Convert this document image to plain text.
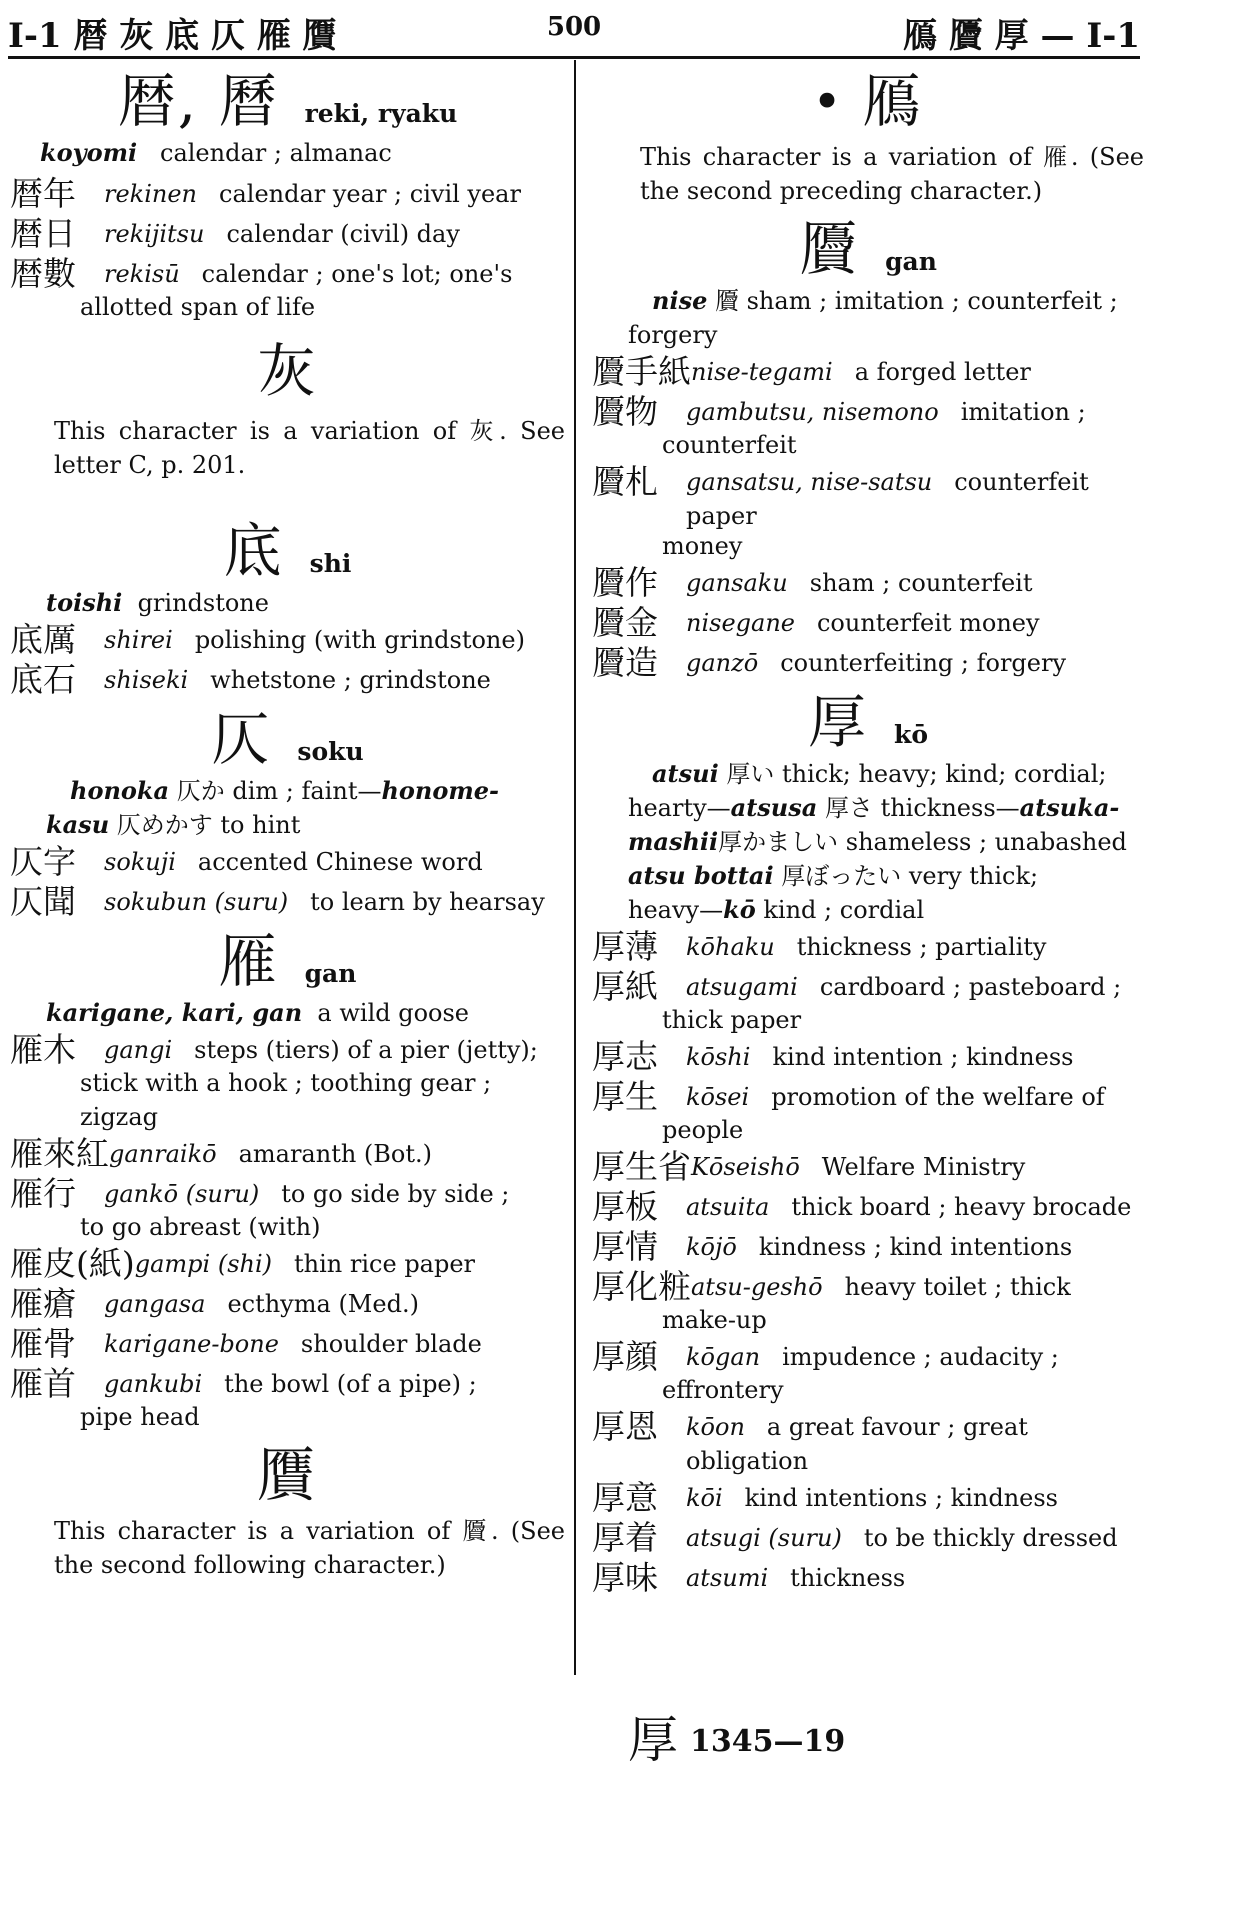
I-1 暦 灰 底 仄 雁 贋	500	鴈 贗 厚 — I-1
暦, 曆 reki, ryaku

koyomi calendar ; almanac

暦年	rekinen calendar year ; civil year
暦日	rekijitsu calendar (civil) day
暦數	rekisū calendar ; one's lot; one's
allotted span of life
灰

This character is a variation of 灰. See letter C, p. 201.

底 shi

toishi grindstone

底厲	shirei polishing (with grindstone)
底石	shiseki whetstone ; grindstone
仄 soku

honoka 仄か dim ; faint—honome-

kasu 仄めかす to hint

仄字	sokuji accented Chinese word
仄聞	sokubun (suru) to learn by hearsay
雁 gan

karigane, kari, gan a wild goose

雁木	gangi steps (tiers) of a pier (jetty);
stick with a hook ; toothing gear ; zigzag
雁來紅 ganraikō amaranth (Bot.)
雁行	gankō (suru) to go side by side ;
to go abreast (with)
雁皮(紙) gampi (shi) thin rice paper
雁瘡	gangasa ecthyma (Med.)
雁骨	karigane-bone shoulder blade
雁首	gankubi the bowl (of a pipe) ;
pipe head
贋

This character is a variation of 贗. (See the second following character.)

• 鴈

This character is a variation of 雁. (See the second preceding character.)

贗 gan

nise 贗 sham ; imitation ; counterfeit ;

forgery

贗手紙 nise-tegami a forged letter
贗物	gambutsu, nisemono imitation ;
counterfeit
贗札	gansatsu, nise-satsu counterfeit paper
money
贗作	gansaku sham ; counterfeit
贗金	nisegane counterfeit money
贗造	ganzō counterfeiting ; forgery
厚 kō

atsui 厚い thick; heavy; kind; cordial;

hearty—atsusa 厚さ thickness—atsuka-

mashii厚かましい shameless ; unabashed

atsu bottai 厚ぼったい very thick;

heavy—kō kind ; cordial

厚薄	kōhaku thickness ; partiality
厚紙	atsugami cardboard ; pasteboard ;
thick paper
厚志	kōshi kind intention ; kindness
厚生	kōsei promotion of the welfare of
people
厚生省 Kōseishō Welfare Ministry
厚板	atsuita thick board ; heavy brocade
厚情	kōjō kindness ; kind intentions
厚化粧 atsu-geshō heavy toilet ; thick
make-up
厚顔	kōgan impudence ; audacity ;
effrontery
厚恩	kōon a great favour ; great obligation
厚意	kōi kind intentions ; kindness
厚着	atsugi (suru) to be thickly dressed
厚味	atsumi thickness
厚 1345—19
